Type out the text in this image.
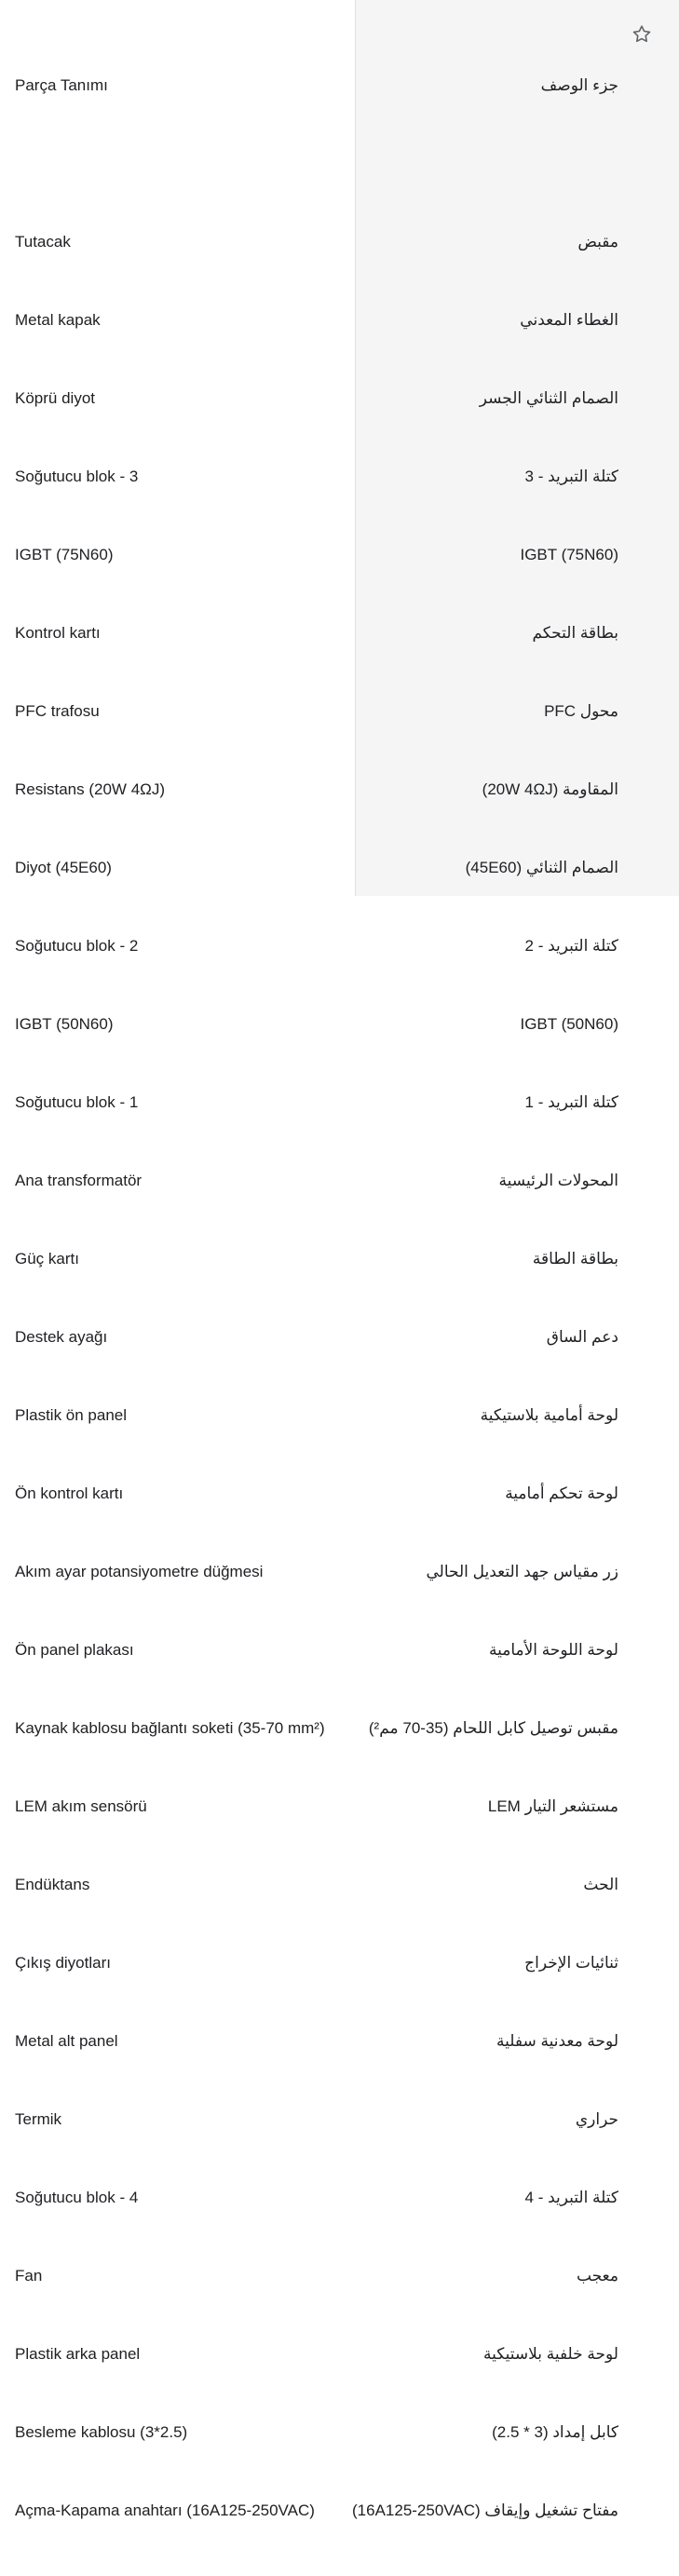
Parça Tanımı

Tutacak

Metal kapak

Köprü diyot

Soğutucu blok - 3

IGBT (75N60)

Kontrol kartı

PFC trafosu

Resistans (20W 4ΩJ)

Diyot (45E60)

Soğutucu blok - 2

IGBT (50N60)

Soğutucu blok - 1

Ana transformatör

Güç kartı

Destek ayağı

Plastik ön panel

Ön kontrol kartı

Akım ayar potansiyometre düğmesi

Ön panel plakası

Kaynak kablosu bağlantı soketi (35-70 mm²)

LEM akım sensörü

Endüktans

Çıkış diyotları

Metal alt panel

Termik

Soğutucu blok - 4

Fan

Plastik arka panel

Besleme kablosu (3*2.5)

Açma-Kapama anahtarı (16A125-250VAC)

جزء الوصف

مقبض

الغطاء المعدني

الصمام الثنائي الجسر

كتلة التبريد - 3

IGBT (75N60)

بطاقة التحكم

محول PFC

المقاومة (20W 4ΩJ)

الصمام الثنائي (45E60)

كتلة التبريد - 2

IGBT (50N60)

كتلة التبريد - 1

المحولات الرئيسية

بطاقة الطاقة

دعم الساق

لوحة أمامية بلاستيكية

لوحة تحكم أمامية

زر مقياس جهد التعديل الحالي

لوحة اللوحة الأمامية

مقبس توصيل كابل اللحام (35-70 مم²)

مستشعر التيار LEM

الحث

ثنائيات الإخراج

لوحة معدنية سفلية

حراري

كتلة التبريد - 4

معجب

لوحة خلفية بلاستيكية

كابل إمداد (3 * 2.5)

مفتاح تشغيل وإيقاف (16A125-250VAC)
